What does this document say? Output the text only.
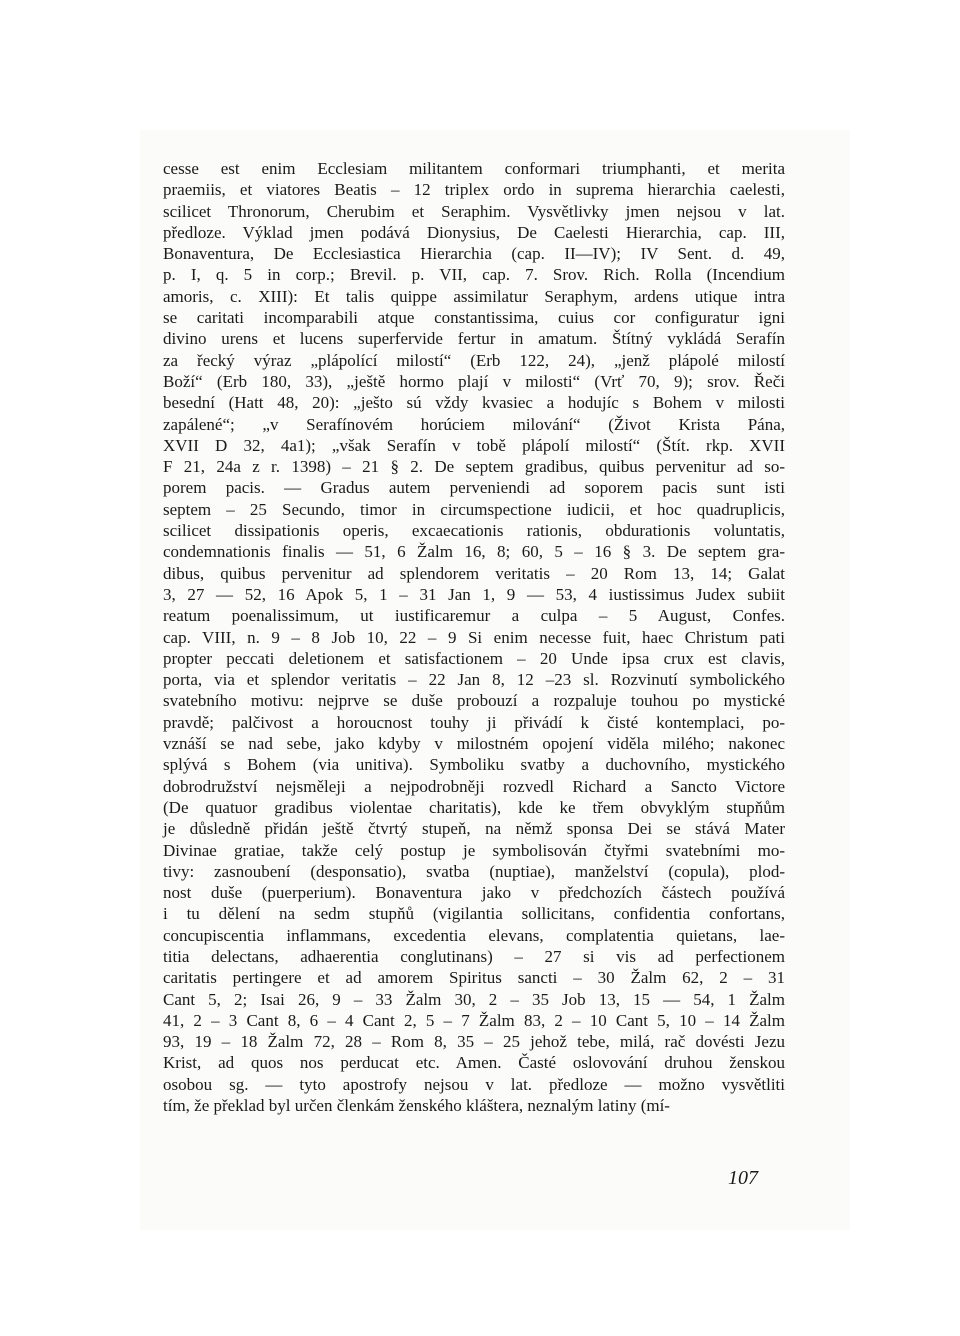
cesse est enim Ecclesiam militantem conformari triumphanti, et merita
praemiis, et viatores Beatis – 12 triplex ordo in suprema hierarchia caelesti,
scilicet Thronorum, Cherubim et Seraphim. Vysvětlivky jmen nejsou v lat.
předloze. Výklad jmen podává Dionysius, De Caelesti Hierarchia, cap. III,
Bonaventura, De Ecclesiastica Hierarchia (cap. II—IV); IV Sent. d. 49,
p. I, q. 5 in corp.; Brevil. p. VII, cap. 7. Srov. Rich. Rolla (Incendium
amoris, c. XIII): Et talis quippe assimilatur Seraphym, ardens utique intra
se caritati incomparabili atque constantissima, cuius cor configuratur igni
divino urens et lucens superfervide fertur in amatum. Štítný vykládá Serafín
za řecký výraz „plápolící milostí“ (Erb 122, 24), „jenž plápolé milostí
Boží“ (Erb 180, 33), „ještě hormo plají v milosti“ (Vrť 70, 9); srov. Řeči
besední (Hatt 48, 20): „ješto sú vždy kvasiec a hodujíc s Bohem v milosti
zapálené“; „v Serafínovém horúciem milování“ (Život Krista Pána,
XVII D 32, 4a1); „však Serafín v tobě plápolí milostí“ (Štít. rkp. XVII
F 21, 24a z r. 1398) – 21 § 2. De septem gradibus, quibus pervenitur ad so-
porem pacis. — Gradus autem perveniendi ad soporem pacis sunt isti
septem – 25 Secundo, timor in circumspectione iudicii, et hoc quadruplicis,
scilicet dissipationis operis, excaecationis rationis, obdurationis voluntatis,
condemnationis finalis — 51, 6 Žalm 16, 8; 60, 5 – 16 § 3. De septem gra-
dibus, quibus pervenitur ad splendorem veritatis – 20 Rom 13, 14; Galat
3, 27 — 52, 16 Apok 5, 1 – 31 Jan 1, 9 — 53, 4 iustissimus Judex subiit
reatum poenalissimum, ut iustificaremur a culpa – 5 August, Confes.
cap. VIII, n. 9 – 8 Job 10, 22 – 9 Si enim necesse fuit, haec Christum pati
propter peccati deletionem et satisfactionem – 20 Unde ipsa crux est clavis,
porta, via et splendor veritatis – 22 Jan 8, 12 –23 sl. Rozvinutí symbolického
svatebního motivu: nejprve se duše probouzí a rozpaluje touhou po mystické
pravdě; palčivost a horoucnost touhy ji přivádí k čisté kontemplaci, po-
vznáší se nad sebe, jako kdyby v milostném opojení viděla milého; nakonec
splývá s Bohem (via unitiva). Symboliku svatby a duchovního, mystického
dobrodružství nejsměleji a nejpodrobněji rozvedl Richard a Sancto Victore
(De quatuor gradibus violentae charitatis), kde ke třem obvyklým stupňům
je důsledně přidán ještě čtvrtý stupeň, na němž sponsa Dei se stává Mater
Divinae gratiae, takže celý postup je symbolisován čtyřmi svatebními mo-
tivy: zasnoubení (desponsatio), svatba (nuptiae), manželství (copula), plod-
nost duše (puerperium). Bonaventura jako v předchozích částech používá
i tu dělení na sedm stupňů (vigilantia sollicitans, confidentia confortans,
concupiscentia inflammans, excedentia elevans, complatentia quietans, lae-
titia delectans, adhaerentia conglutinans) – 27 si vis ad perfectionem
caritatis pertingere et ad amorem Spiritus sancti – 30 Žalm 62, 2 – 31
Cant 5, 2; Isai 26, 9 – 33 Žalm 30, 2 – 35 Job 13, 15 — 54, 1 Žalm
41, 2 – 3 Cant 8, 6 – 4 Cant 2, 5 – 7 Žalm 83, 2 – 10 Cant 5, 10 – 14 Žalm
93, 19 – 18 Žalm 72, 28 – Rom 8, 35 – 25 jehož tebe, milá, rač dovésti Jezu
Krist, ad quos nos perducat etc. Amen. Časté oslovování druhou ženskou
osobou sg. — tyto apostrofy nejsou v lat. předloze — možno vysvětliti
tím, že překlad byl určen členkám ženského kláštera, neznalým latiny (mí-
107
